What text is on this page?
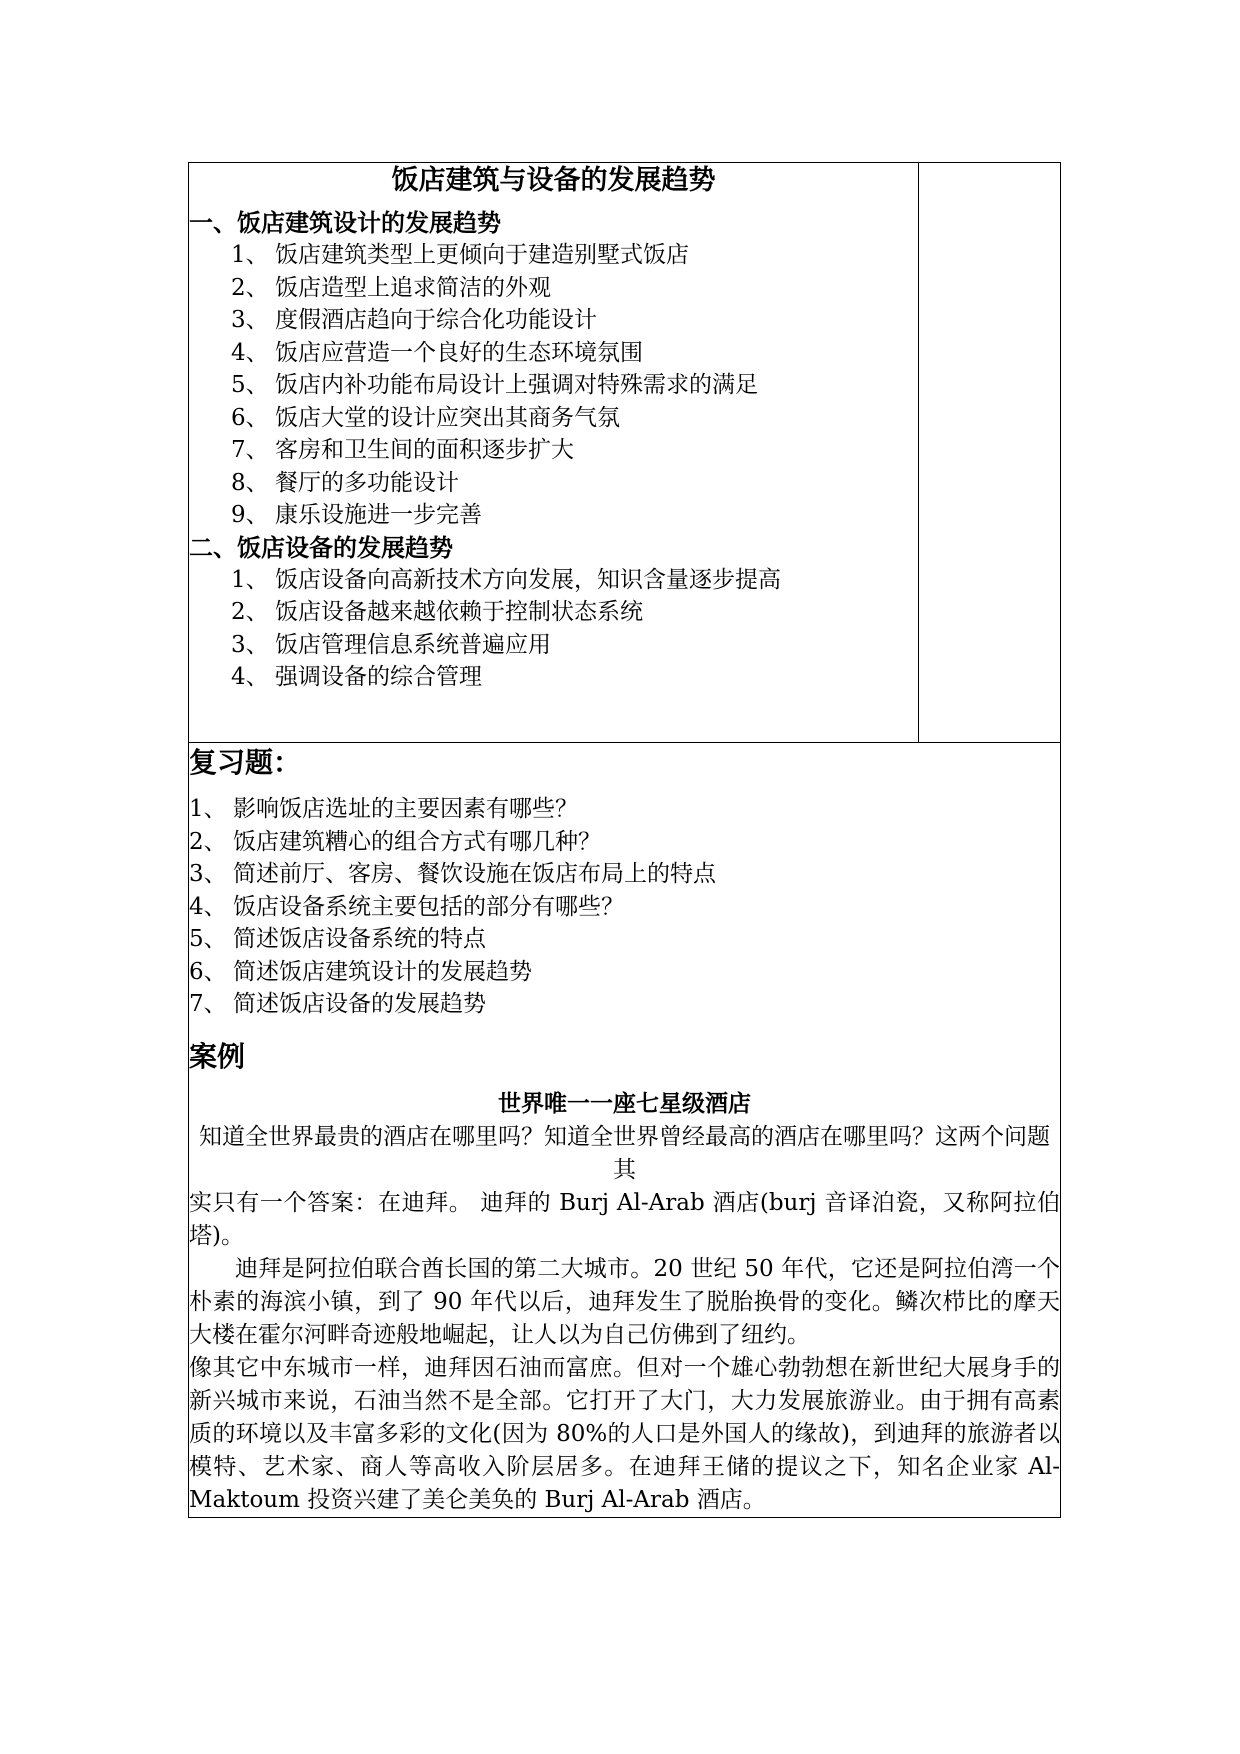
饭店建筑与设备的发展趋势
一、饭店建筑设计的发展趋势
1、 饭店建筑类型上更倾向于建造别墅式饭店
2、 饭店造型上追求简洁的外观
3、 度假酒店趋向于综合化功能设计
4、 饭店应营造一个良好的生态环境氛围
5、 饭店内补功能布局设计上强调对特殊需求的满足
6、 饭店大堂的设计应突出其商务气氛
7、 客房和卫生间的面积逐步扩大
8、 餐厅的多功能设计
9、 康乐设施进一步完善
二、饭店设备的发展趋势
1、 饭店设备向高新技术方向发展，知识含量逐步提高
2、 饭店设备越来越依赖于控制状态系统
3、 饭店管理信息系统普遍应用
4、 强调设备的综合管理

复习题：
1、 影响饭店选址的主要因素有哪些？
2、 饭店建筑糟心的组合方式有哪几种？
3、 简述前厅、客房、餐饮设施在饭店布局上的特点
4、 饭店设备系统主要包括的部分有哪些？
5、 简述饭店设备系统的特点
6、 简述饭店建筑设计的发展趋势
7、 简述饭店设备的发展趋势
案例
世界唯一一座七星级酒店

知道全世界最贵的酒店在哪里吗？知道全世界曾经最高的酒店在哪里吗？这两个问题其

实只有一个答案：在迪拜。 迪拜的 Burj Al-Arab 酒店(burj 音译泊瓷，又称阿拉伯塔)。

迪拜是阿拉伯联合酋长国的第二大城市。20 世纪 50 年代，它还是阿拉伯湾一个朴素的海滨小镇，到了 90 年代以后，迪拜发生了脱胎换骨的变化。鳞次栉比的摩天大楼在霍尔河畔奇迹般地崛起，让人以为自己仿佛到了纽约。

像其它中东城市一样，迪拜因石油而富庶。但对一个雄心勃勃想在新世纪大展身手的新兴城市来说，石油当然不是全部。它打开了大门，大力发展旅游业。由于拥有高素质的环境以及丰富多彩的文化(因为 80%的人口是外国人的缘故)，到迪拜的旅游者以模特、艺术家、商人等高收入阶层居多。在迪拜王储的提议之下，知名企业家 Al-Maktoum 投资兴建了美仑美奂的 Burj Al-Arab 酒店。
